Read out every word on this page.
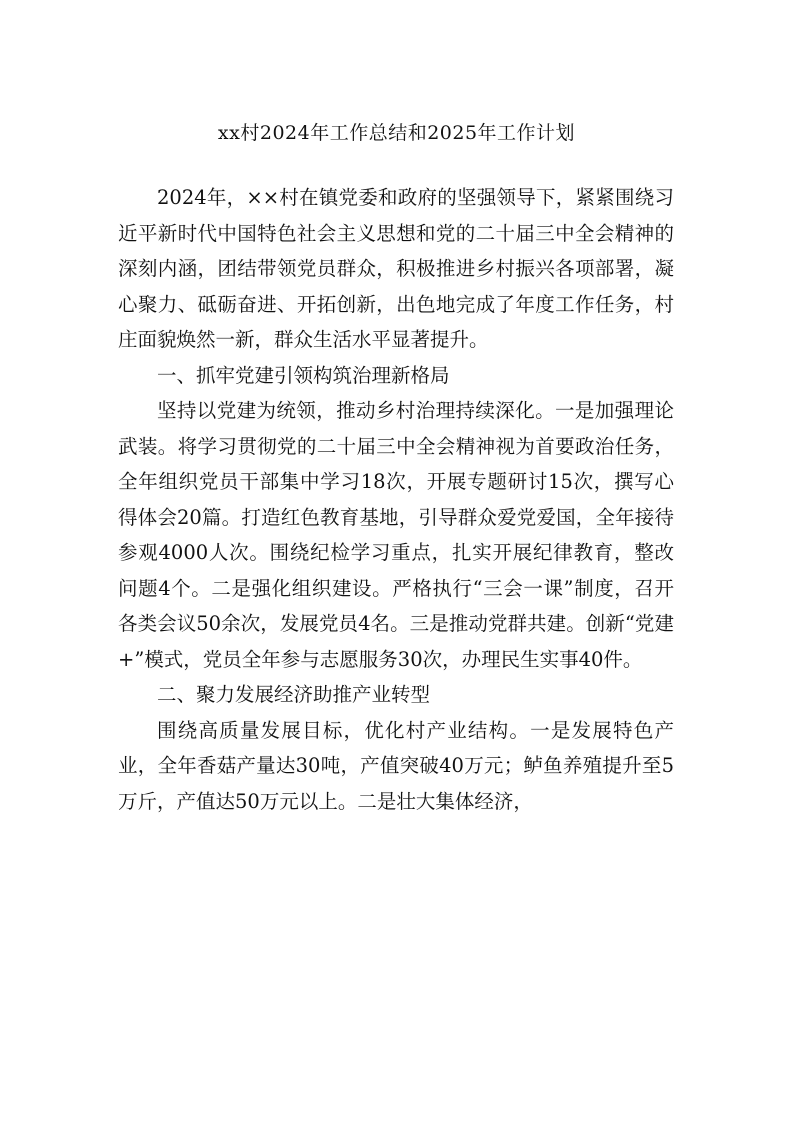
xx村2024年工作总结和2025年工作计划

2024年，××村在镇党委和政府的坚强领导下，紧紧围绕习近平新时代中国特色社会主义思想和党的二十届三中全会精神的深刻内涵，团结带领党员群众，积极推进乡村振兴各项部署，凝心聚力、砥砺奋进、开拓创新，出色地完成了年度工作任务，村庄面貌焕然一新，群众生活水平显著提升。

一、抓牢党建引领构筑治理新格局

坚持以党建为统领，推动乡村治理持续深化。一是加强理论武装。将学习贯彻党的二十届三中全会精神视为首要政治任务，全年组织党员干部集中学习18次，开展专题研讨15次，撰写心得体会20篇。打造红色教育基地，引导群众爱党爱国，全年接待参观4000人次。围绕纪检学习重点，扎实开展纪律教育，整改问题4个。二是强化组织建设。严格执行“三会一课”制度，召开各类会议50余次，发展党员4名。三是推动党群共建。创新“党建+”模式，党员全年参与志愿服务30次，办理民生实事40件。

二、聚力发展经济助推产业转型

围绕高质量发展目标，优化村产业结构。一是发展特色产业，全年香菇产量达30吨，产值突破40万元；鲈鱼养殖提升至5万斤，产值达50万元以上。二是壮大集体经济，
